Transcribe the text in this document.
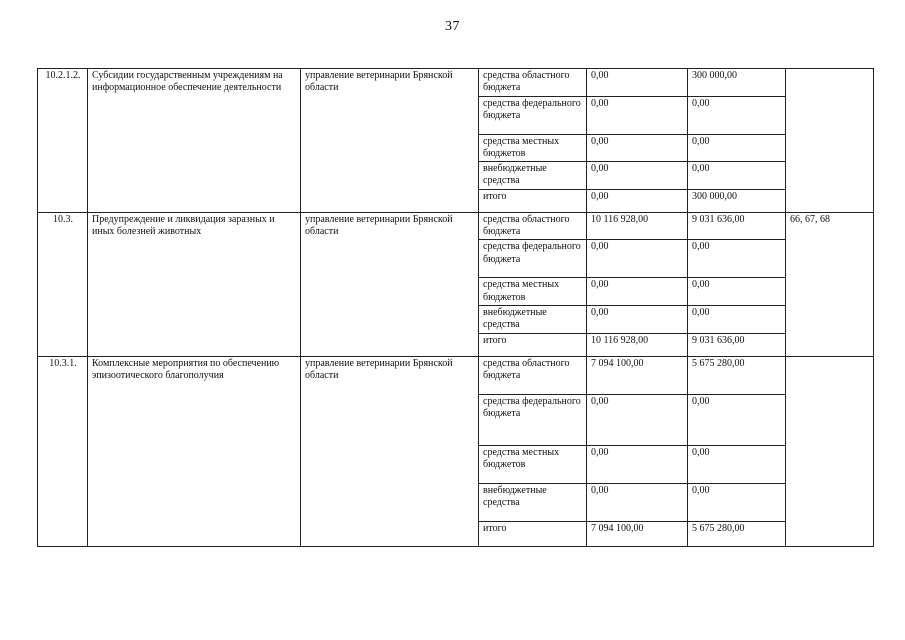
37
10.2.1.2.	Субсидии государственным учреждениям на информационное обеспечение деятельности	управление ветеринарии Брянской области	средства областного бюджета	0,00	300 000,00	
			средства федерального бюджета	0,00	0,00	
			средства местных бюджетов	0,00	0,00	
			внебюджетные средства	0,00	0,00	
			итого	0,00	300 000,00	
10.3.	Предупреждение и ликвидация заразных и иных болезней животных	управление ветеринарии Брянской области	средства областного бюджета	10 116 928,00	9 031 636,00	66, 67, 68
			средства федерального бюджета	0,00	0,00	
			средства местных бюджетов	0,00	0,00	
			внебюджетные средства	0,00	0,00	
			итого	10 116 928,00	9 031 636,00	
10.3.1.	Комплексные мероприятия по обеспечению эпизоотического благополучия	управление ветеринарии Брянской области	средства областного бюджета	7 094 100,00	5 675 280,00	
			средства федерального бюджета	0,00	0,00	
			средства местных бюджетов	0,00	0,00	
			внебюджетные средства	0,00	0,00	
			итого	7 094 100,00	5 675 280,00	
